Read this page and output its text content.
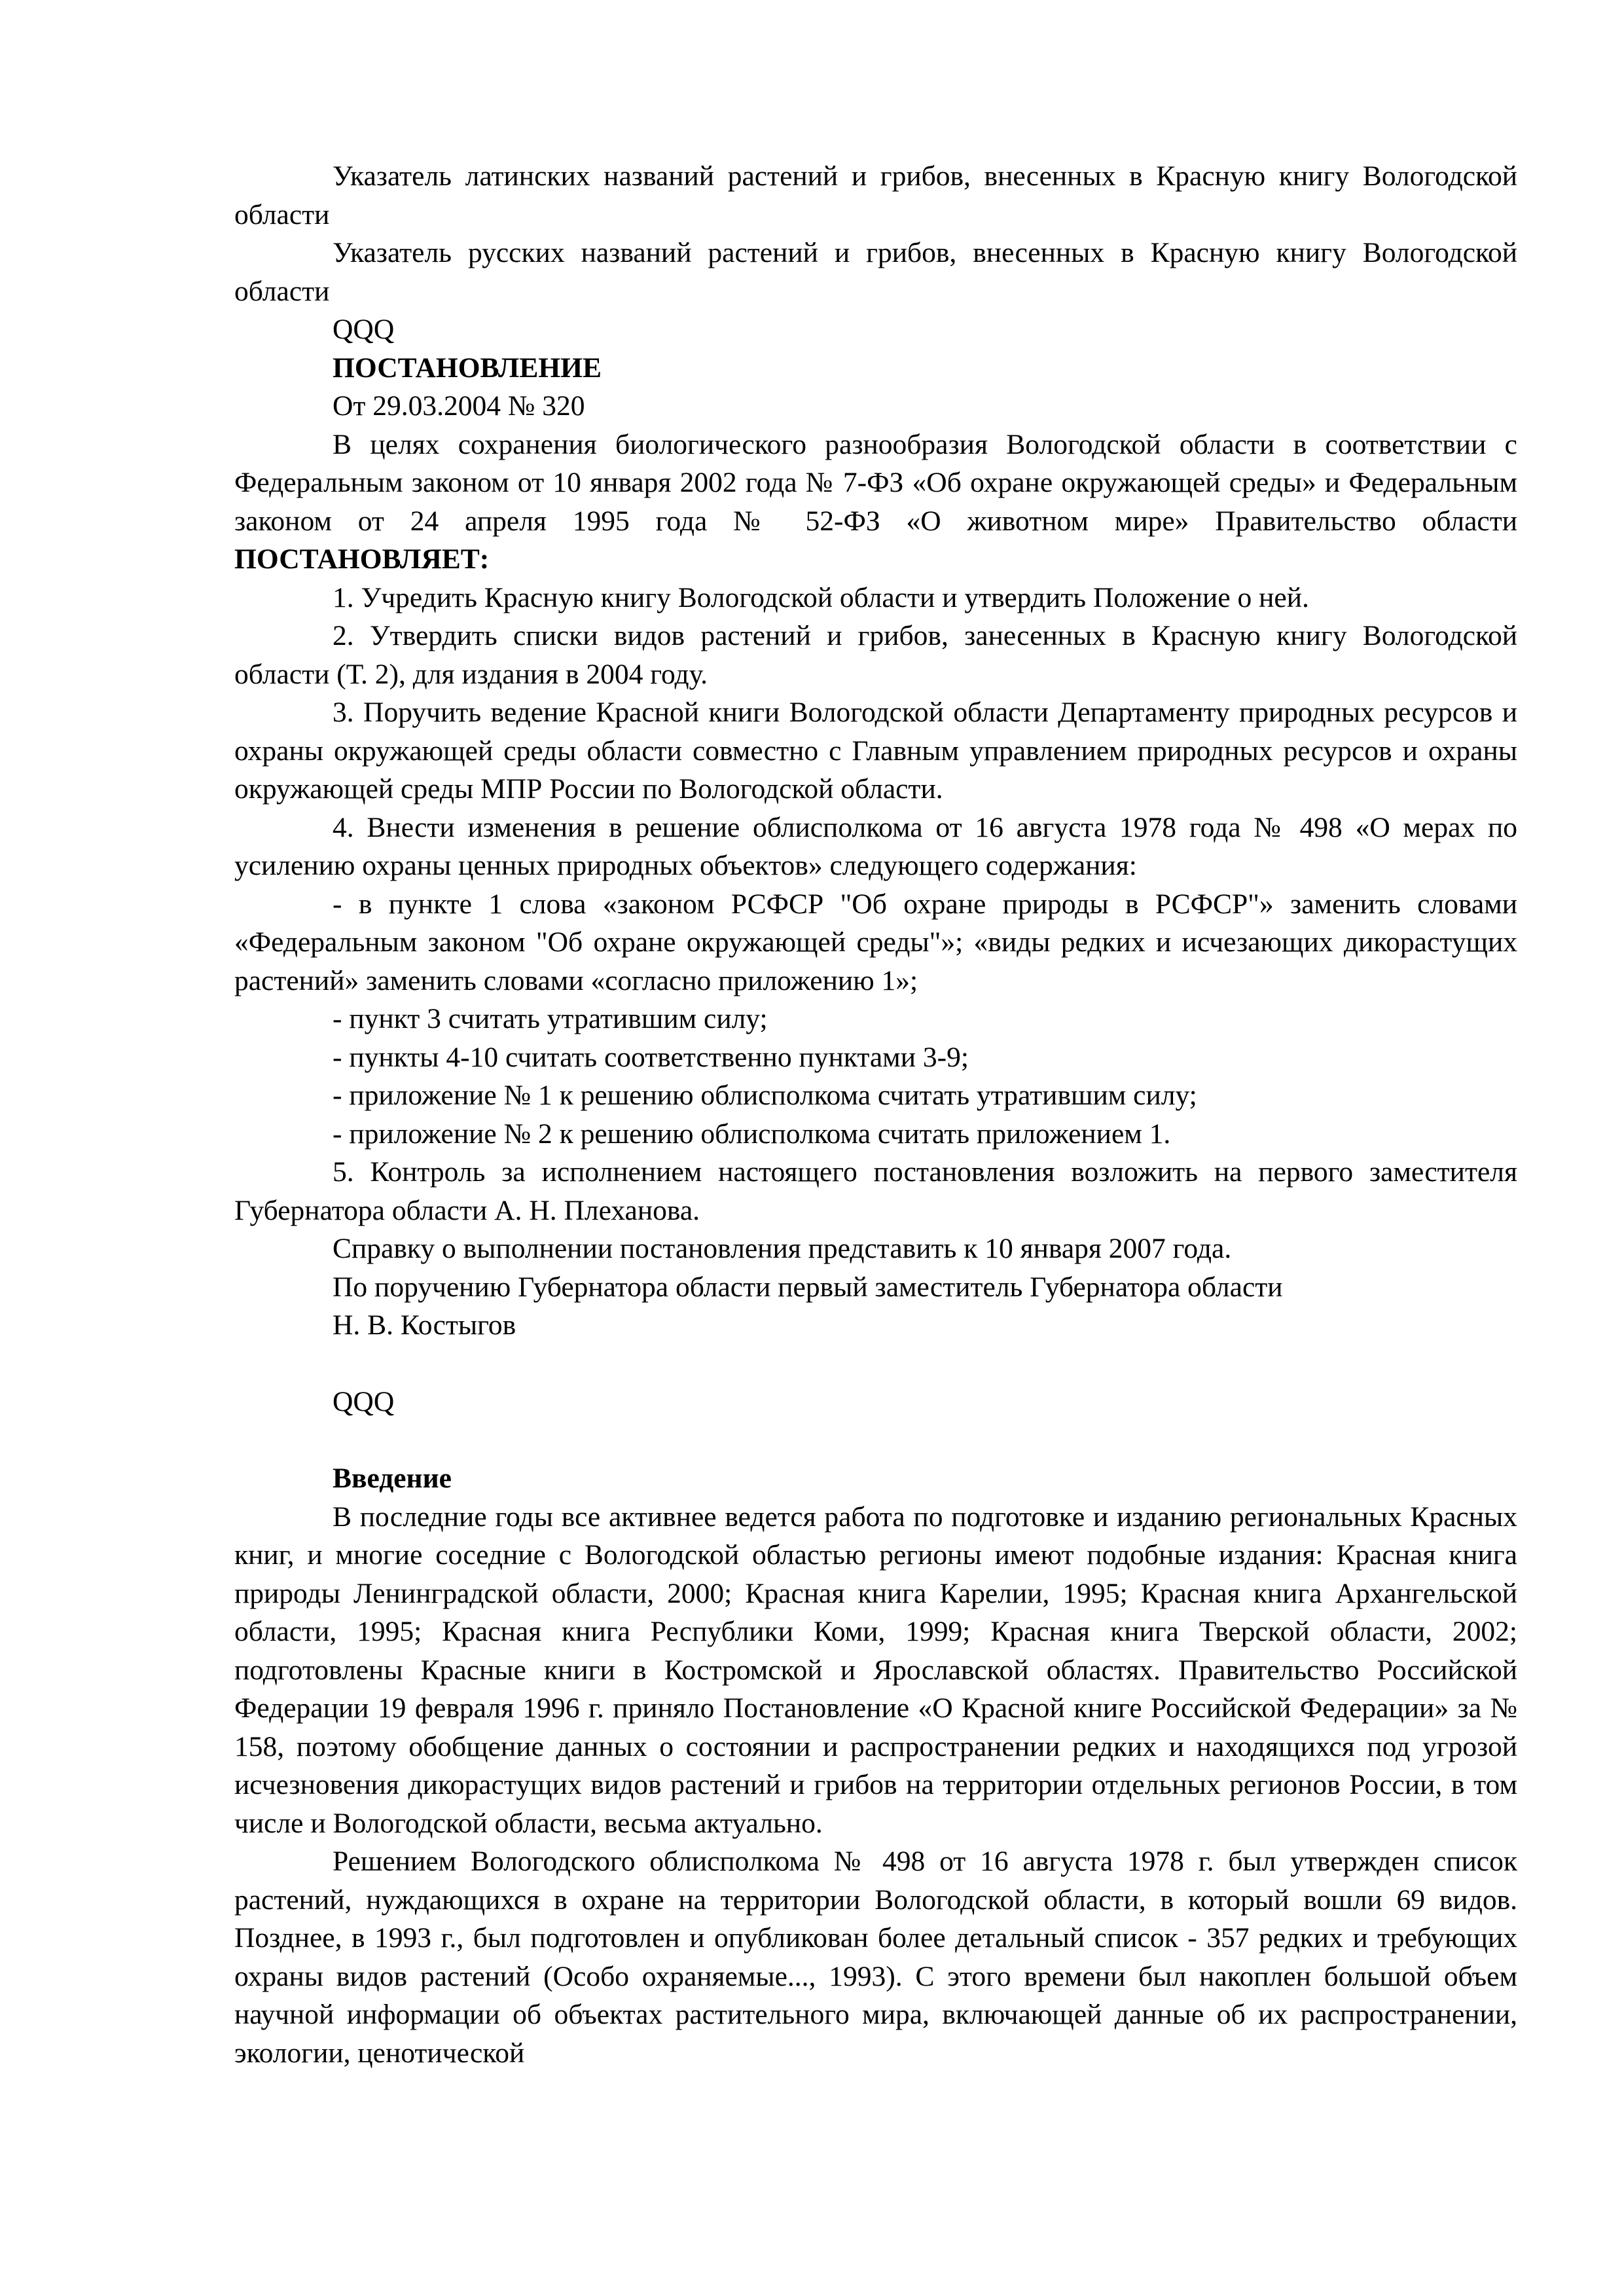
Указатель латинских названий растений и грибов, внесенных в Красную книгу Вологодской области

Указатель русских названий растений и грибов, внесенных в Красную книгу Вологодской области

QQQ

ПОСТАНОВЛЕНИЕ

От 29.03.2004 № 320

В целях сохранения биологического разнообразия Вологодской области в соответствии с Федеральным законом от 10 января 2002 года № 7-ФЗ «Об охране окружающей среды» и Федеральным законом от 24 апреля 1995 года № 52-ФЗ «О животном мире» Правительство области ПОСТАНОВЛЯЕТ:

1. Учредить Красную книгу Вологодской области и утвердить Положение о ней.

2. Утвердить списки видов растений и грибов, занесенных в Красную книгу Вологодской области (Т. 2), для издания в 2004 году.

3. Поручить ведение Красной книги Вологодской области Департаменту природных ресурсов и охраны окружающей среды области совместно с Главным управлением природных ресурсов и охраны окружающей среды МПР России по Вологодской области.

4. Внести изменения в решение облисполкома от 16 августа 1978 года № 498 «О мерах по усилению охраны ценных природных объектов» следующего содержания:

- в пункте 1 слова «законом РСФСР "Об охране природы в РСФСР"» заменить словами «Федеральным законом "Об охране окружающей среды"»; «виды редких и исчезающих дикорастущих растений» заменить словами «согласно приложению 1»;

- пункт 3 считать утратившим силу;

- пункты 4-10 считать соответственно пунктами 3-9;

- приложение № 1 к решению облисполкома считать утратившим силу;

- приложение № 2 к решению облисполкома считать приложением 1.

5. Контроль за исполнением настоящего постановления возложить на первого заместителя Губернатора области А. Н. Плеханова.

Справку о выполнении постановления представить к 10 января 2007 года.

По поручению Губернатора области первый заместитель Губернатора области

Н. В. Костыгов

QQQ

Введение

В последние годы все активнее ведется работа по подготовке и изданию региональных Красных книг, и многие соседние с Вологодской областью регионы имеют подобные издания: Красная книга природы Ленинградской области, 2000; Красная книга Карелии, 1995; Красная книга Архангельской области, 1995; Красная книга Республики Коми, 1999; Красная книга Тверской области, 2002; подготовлены Красные книги в Костромской и Ярославской областях. Правительство Российской Федерации 19 февраля 1996 г. приняло Постановление «О Красной книге Российской Федерации» за № 158, поэтому обобщение данных о состоянии и распространении редких и находящихся под угрозой исчезновения дикорастущих видов растений и грибов на территории отдельных регионов России, в том числе и Вологодской области, весьма актуально.

Решением Вологодского облисполкома № 498 от 16 августа 1978 г. был утвержден список растений, нуждающихся в охране на территории Вологодской области, в который вошли 69 видов. Позднее, в 1993 г., был подготовлен и опубликован более детальный список - 357 редких и требующих охраны видов растений (Особо охраняемые..., 1993). С этого времени был накоплен большой объем научной информации об объектах растительного мира, включающей данные об их распространении, экологии, ценотической
